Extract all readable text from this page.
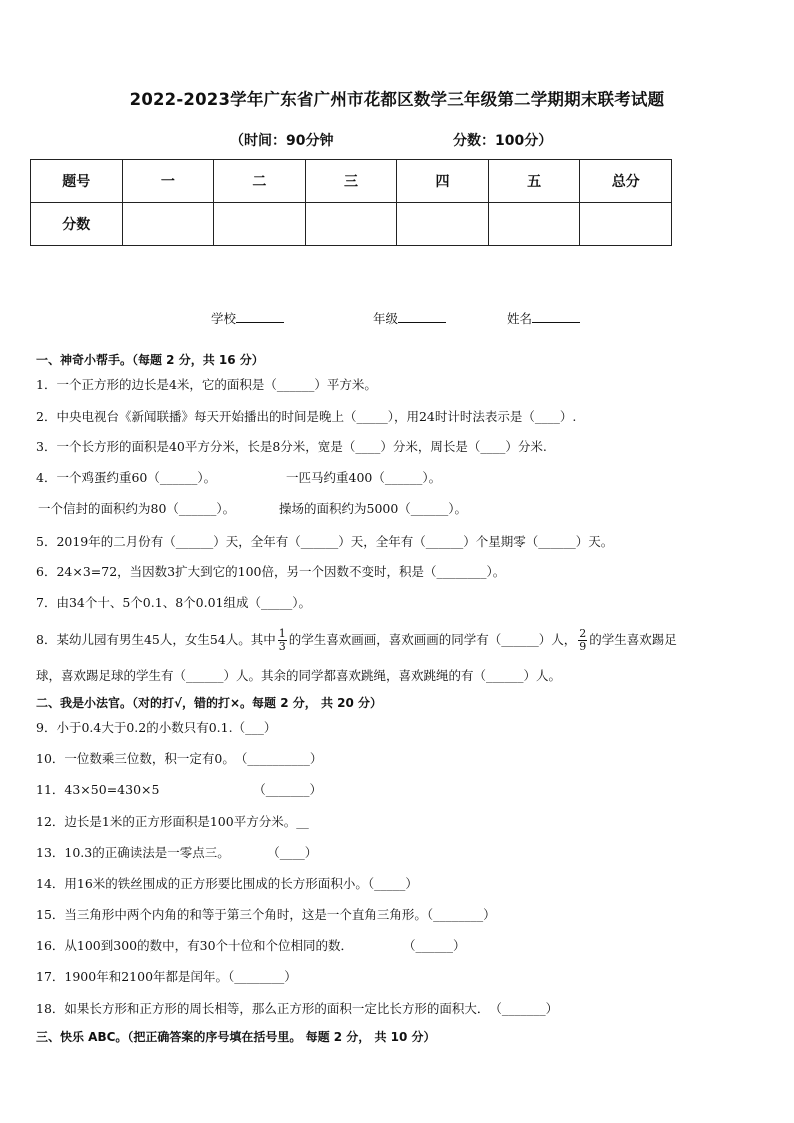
2022-2023学年广东省广州市花都区数学三年级第二学期期末联考试题
（时间：90分钟	分数：100分）
题号	一	二	三	四	五	总分
分数						
学校	年级	姓名
一、神奇小帮手。（每题 2 分，共 16 分）
1．一个正方形的边长是4米，它的面积是（______）平方米。
2．中央电视台《新闻联播》每天开始播出的时间是晚上（_____），用24时计时法表示是（____）.
3．一个长方形的面积是40平方分米，长是8分米，宽是（____）分米，周长是（____）分米.
4．一个鸡蛋约重60（______）。	一匹马约重400（______）。
一个信封的面积约为80（______）。	操场的面积约为5000（______）。
5．2019年的二月份有（______）天，全年有（______）天，全年有（______）个星期零（______）天。
6．24×3=72，当因数3扩大到它的100倍，另一个因数不变时，积是（________）。
7．由34个十、5个0.1、8个0.01组成（_____）。
8．某幼儿园有男生45人，女生54人。其中 $\frac{1}{3}$ 的学生喜欢画画，喜欢画画的同学有（______）人， $\frac{2}{9}$ 的学生喜欢踢足
球，喜欢踢足球的学生有（______）人。其余的同学都喜欢跳绳，喜欢跳绳的有（______）人。
二、我是小法官。（对的打√，错的打×。每题 2 分， 共 20 分）
9．小于0.4大于0.2的小数只有0.1.（___）
10．一位数乘三位数，积一定有0。　（__________）
11．43×50=430×5　　　　　　　　（_______）
12．边长是1米的正方形面积是100平方分米。__
13．10.3的正确读法是一零点三。　　　　（____）
14．用16米的铁丝围成的正方形要比围成的长方形面积小。（_____）
15．当三角形中两个内角的和等于第三个角时，这是一个直角三角形。（________）
16．从100到300的数中，有30个十位和个位相同的数．　　　　　（______）
17．1900年和2100年都是闰年。（________）
18．如果长方形和正方形的周长相等，那么正方形的面积一定比长方形的面积大．　（_______）
三、快乐 ABC。（把正确答案的序号填在括号里。 每题 2 分， 共 10 分）
